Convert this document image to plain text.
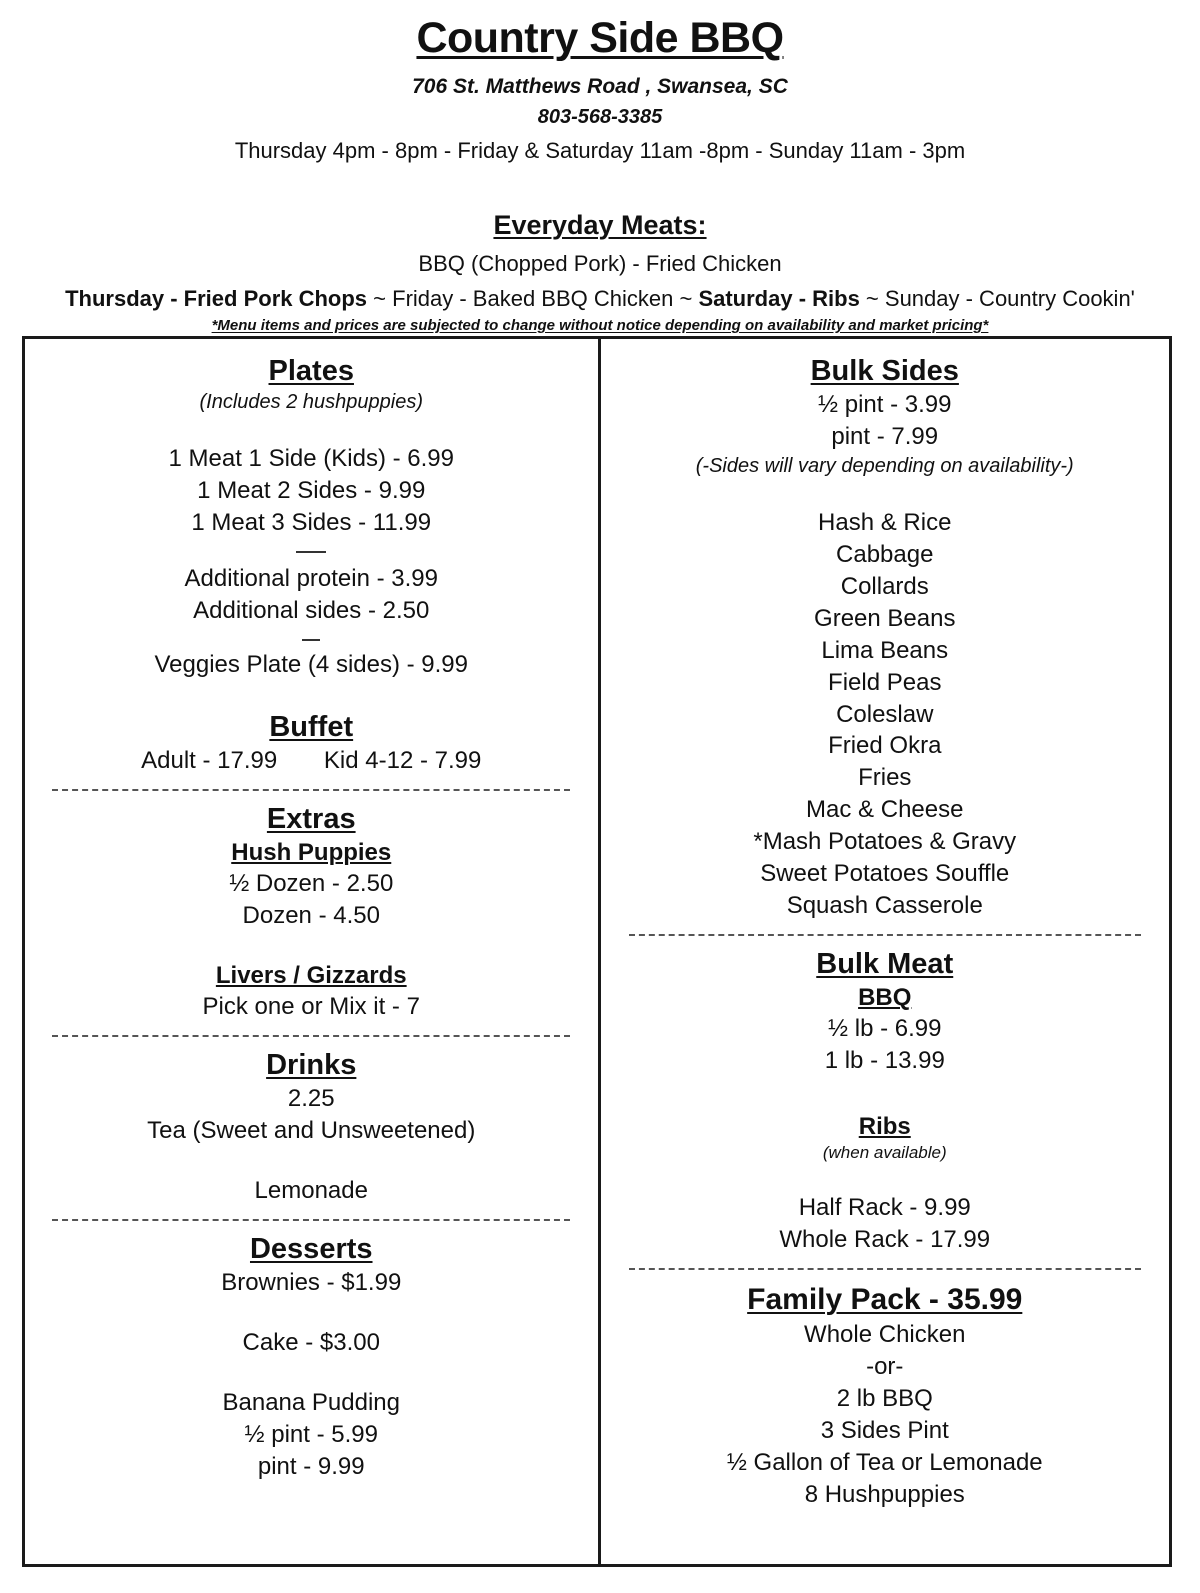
Country Side BBQ
706 St. Matthews Road , Swansea, SC
803-568-3385
Thursday 4pm - 8pm - Friday & Saturday 11am -8pm - Sunday 11am - 3pm
Everyday Meats:
BBQ (Chopped Pork) - Fried Chicken
Thursday - Fried Pork Chops ~ Friday - Baked BBQ Chicken ~ Saturday - Ribs ~ Sunday - Country Cookin'
*Menu items and prices are subjected to change without notice depending on availability and market pricing*
Plates
(Includes 2 hushpuppies)
1 Meat 1 Side (Kids) - 6.99
1 Meat 2 Sides - 9.99
1 Meat 3 Sides - 11.99
Additional protein - 3.99
Additional sides - 2.50
Veggies Plate (4 sides) - 9.99
Buffet
Adult - 17.99 Kid 4-12 - 7.99
Extras
Hush Puppies
½ Dozen - 2.50
Dozen - 4.50
Livers / Gizzards
Pick one or Mix it - 7
Drinks
2.25
Tea (Sweet and Unsweetened)
Lemonade
Desserts
Brownies - $1.99
Cake - $3.00
Banana Pudding
½ pint - 5.99
pint - 9.99
Bulk Sides
½ pint - 3.99
pint - 7.99
(-Sides will vary depending on availability-)
Hash & Rice
Cabbage
Collards
Green Beans
Lima Beans
Field Peas
Coleslaw
Fried Okra
Fries
Mac & Cheese
*Mash Potatoes & Gravy
Sweet Potatoes Souffle
Squash Casserole
Bulk Meat
BBQ
½ lb - 6.99
1 lb - 13.99
Ribs
(when available)
Half Rack - 9.99
Whole Rack - 17.99
Family Pack - 35.99
Whole Chicken
-or-
2 lb BBQ
3 Sides Pint
½ Gallon of Tea or Lemonade
8 Hushpuppies
